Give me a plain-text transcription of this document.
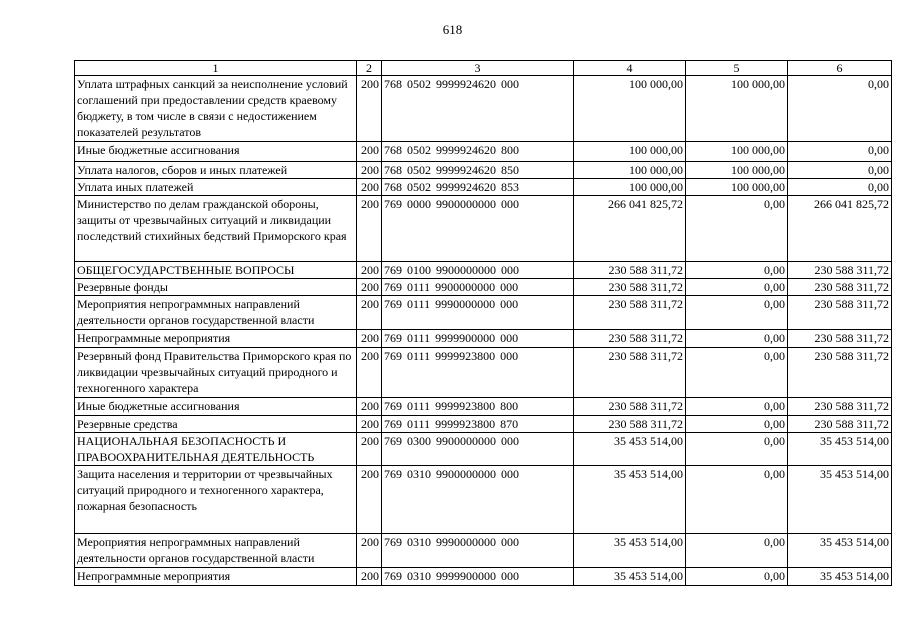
618
1	2	3	4	5	6
Уплата штрафных санкций за неисполнение условий соглашений при предоставлении средств краевому бюджету, в том числе в связи с недостижением показателей результатов	200	768 0502 9999924620 000	100 000,00	100 000,00	0,00
Иные бюджетные ассигнования	200	768 0502 9999924620 800	100 000,00	100 000,00	0,00
Уплата налогов, сборов и иных платежей	200	768 0502 9999924620 850	100 000,00	100 000,00	0,00
Уплата иных платежей	200	768 0502 9999924620 853	100 000,00	100 000,00	0,00
Министерство по делам гражданской обороны, защиты от чрезвычайных ситуаций и ликвидации последствий стихийных бедствий Приморского края	200	769 0000 9900000000 000	266 041 825,72	0,00	266 041 825,72
ОБЩЕГОСУДАРСТВЕННЫЕ ВОПРОСЫ	200	769 0100 9900000000 000	230 588 311,72	0,00	230 588 311,72
Резервные фонды	200	769 0111 9900000000 000	230 588 311,72	0,00	230 588 311,72
Мероприятия непрограммных направлений деятельности органов государственной власти	200	769 0111 9990000000 000	230 588 311,72	0,00	230 588 311,72
Непрограммные мероприятия	200	769 0111 9999900000 000	230 588 311,72	0,00	230 588 311,72
Резервный фонд Правительства Приморского края по ликвидации чрезвычайных ситуаций природного и техногенного характера	200	769 0111 9999923800 000	230 588 311,72	0,00	230 588 311,72
Иные бюджетные ассигнования	200	769 0111 9999923800 800	230 588 311,72	0,00	230 588 311,72
Резервные средства	200	769 0111 9999923800 870	230 588 311,72	0,00	230 588 311,72
НАЦИОНАЛЬНАЯ БЕЗОПАСНОСТЬ И ПРАВООХРАНИТЕЛЬНАЯ ДЕЯТЕЛЬНОСТЬ	200	769 0300 9900000000 000	35 453 514,00	0,00	35 453 514,00
Защита населения и территории от чрезвычайных ситуаций природного и техногенного характера, пожарная безопасность	200	769 0310 9900000000 000	35 453 514,00	0,00	35 453 514,00
Мероприятия непрограммных направлений деятельности органов государственной власти	200	769 0310 9990000000 000	35 453 514,00	0,00	35 453 514,00
Непрограммные мероприятия	200	769 0310 9999900000 000	35 453 514,00	0,00	35 453 514,00
